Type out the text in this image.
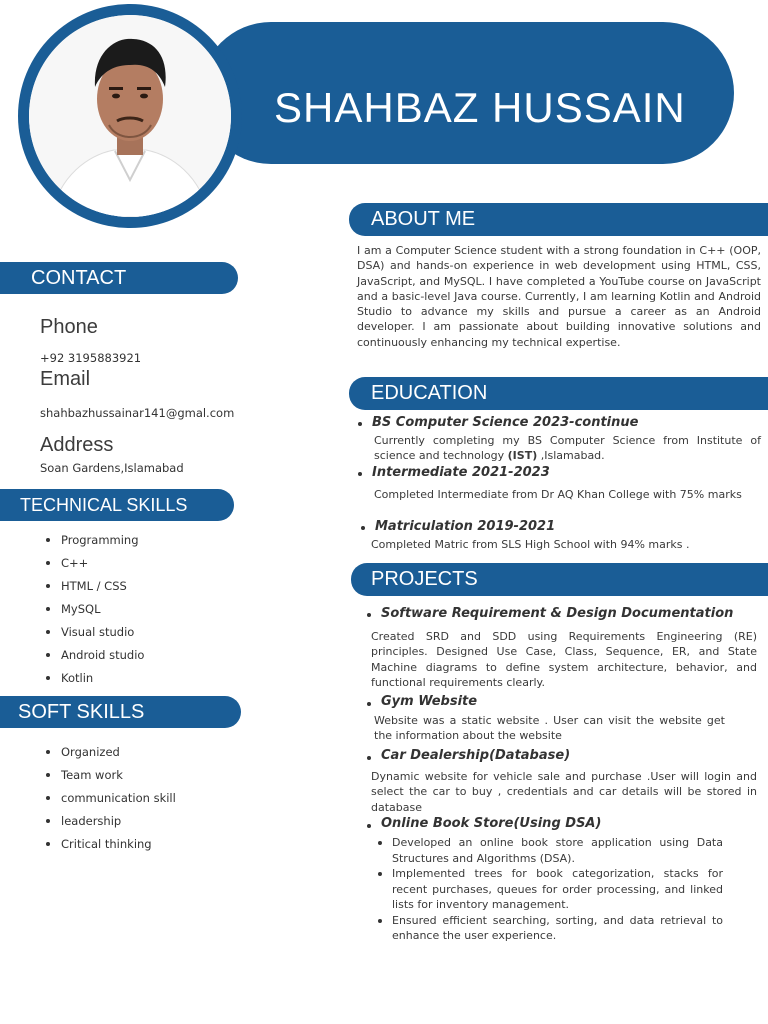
SHAHBAZ HUSSAIN
CONTACT
Phone
+92 3195883921
Email
shahbazhussainar141@gmal.com
Address
Soan Gardens,Islamabad
TECHNICAL SKILLS
Programming
C++
HTML / CSS
MySQL
Visual studio
Android studio
Kotlin
SOFT SKILLS
Organized
Team work
communication skill
leadership
Critical thinking
ABOUT ME

I am a Computer Science student with a strong foundation in C++ (OOP, DSA) and hands-on experience in web development using HTML, CSS, JavaScript, and MySQL. I have completed a YouTube course on JavaScript and a basic-level Java course. Currently, I am learning Kotlin and Android Studio to advance my skills and pursue a career as an Android developer. I am passionate about building innovative solutions and continuously enhancing my technical expertise.

EDUCATION
BS Computer Science 2023-continue

Currently completing my BS Computer Science from Institute of science and technology (IST) ,Islamabad.

Intermediate 2021-2023

Completed Intermediate from Dr AQ Khan College with 75% marks

Matriculation 2019-2021

Completed Matric from SLS High School with 94% marks .

PROJECTS
Software Requirement & Design Documentation

Created SRD and SDD using Requirements Engineering (RE) principles. Designed Use Case, Class, Sequence, ER, and State Machine diagrams to define system architecture, behavior, and functional requirements clearly.

Gym Website

Website was a static website . User can visit the website get the information about the website

Car Dealership(Database)

Dynamic website for vehicle sale and purchase .User will login and select the car to buy , credentials and car details will be stored in database

Online Book Store(Using DSA)
Developed an online book store application using Data Structures and Algorithms (DSA).
Implemented trees for book categorization, stacks for recent purchases, queues for order processing, and linked lists for inventory management.
Ensured efficient searching, sorting, and data retrieval to enhance the user experience.
